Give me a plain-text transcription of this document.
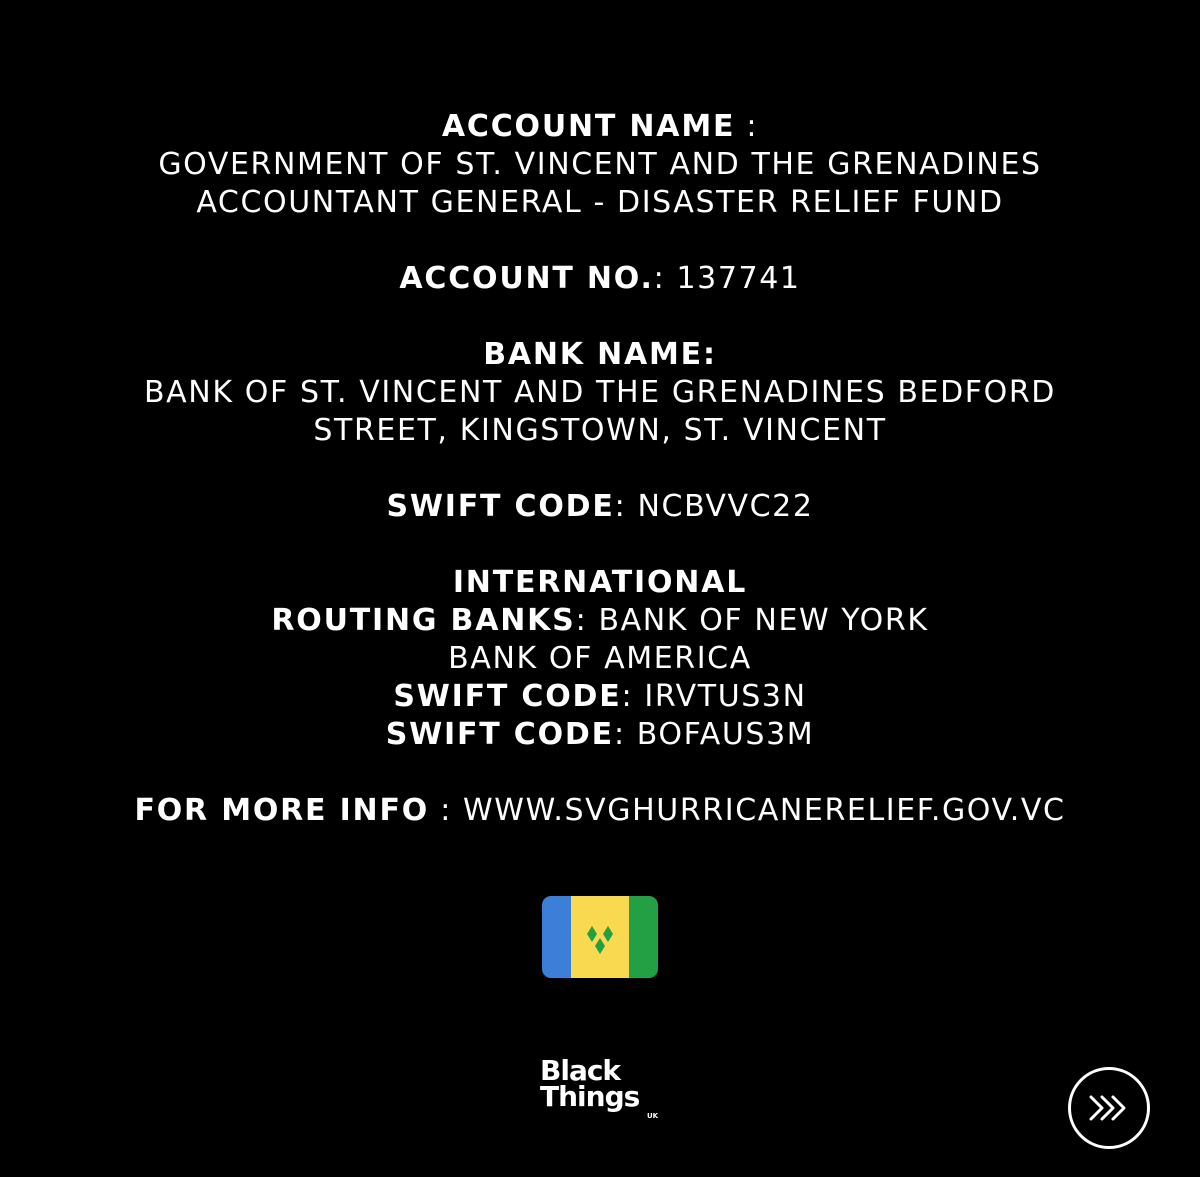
ACCOUNT NAME :
GOVERNMENT OF ST. VINCENT AND THE GRENADINES
ACCOUNTANT GENERAL - DISASTER RELIEF FUND
ACCOUNT NO.: 137741
BANK NAME:
BANK OF ST. VINCENT AND THE GRENADINES BEDFORD
STREET, KINGSTOWN, ST. VINCENT
SWIFT CODE: NCBVVC22
INTERNATIONAL
ROUTING BANKS: BANK OF NEW YORK
BANK OF AMERICA
SWIFT CODE: IRVTUS3N
SWIFT CODE: BOFAUS3M
FOR MORE INFO : WWW.SVGHURRICANERELIEF.GOV.VC
Black
Things
UK
